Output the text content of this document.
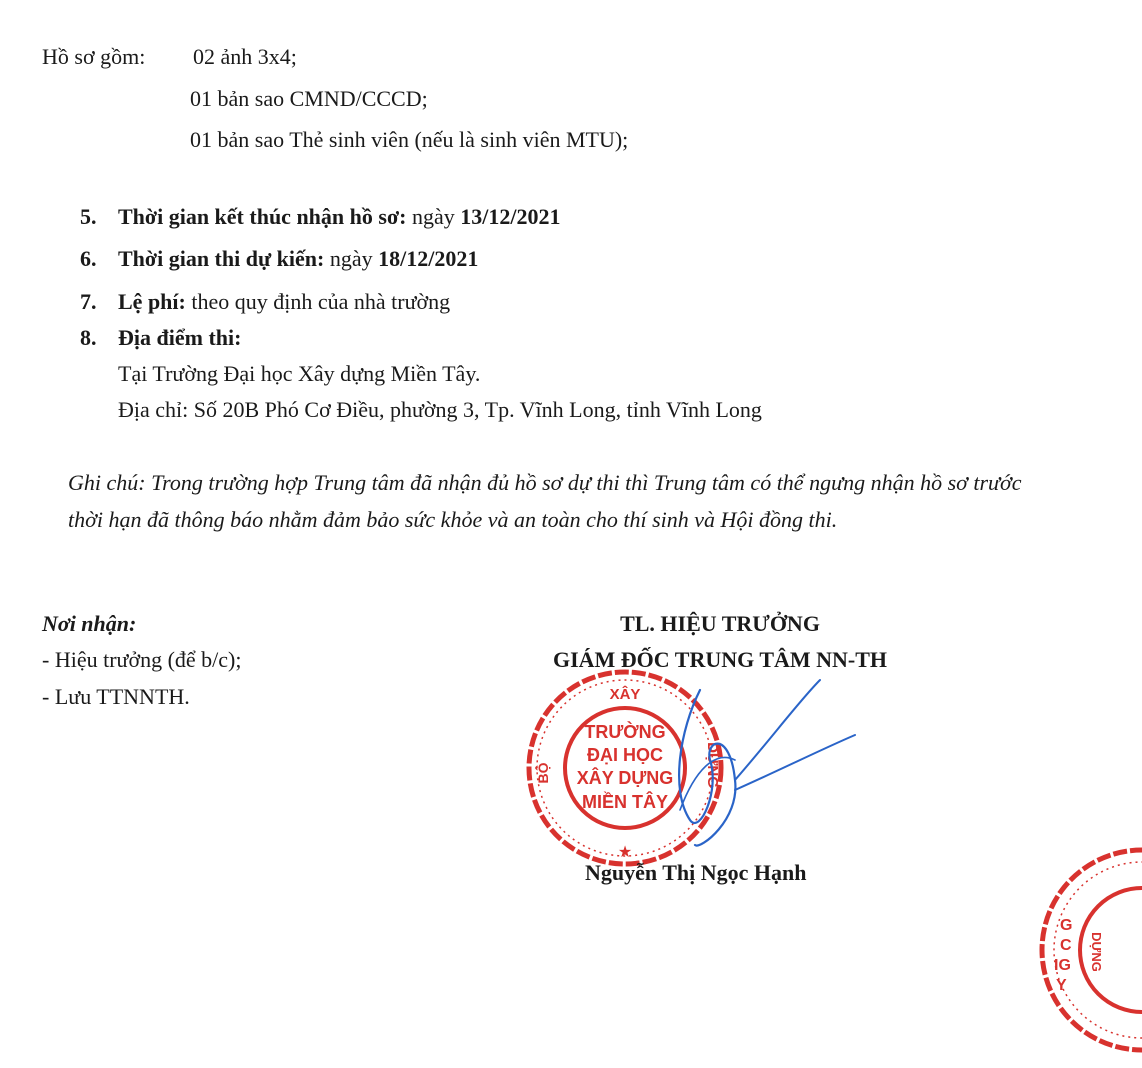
Hồ sơ gồm: 02 ảnh 3x4;
01 bản sao CMND/CCCD;
01 bản sao Thẻ sinh viên (nếu là sinh viên MTU);
5. Thời gian kết thúc nhận hồ sơ: ngày 13/12/2021
6. Thời gian thi dự kiến: ngày 18/12/2021
7. Lệ phí: theo quy định của nhà trường
8. Địa điểm thi:
Tại Trường Đại học Xây dựng Miền Tây.
Địa chỉ: Số 20B Phó Cơ Điều, phường 3, Tp. Vĩnh Long, tỉnh Vĩnh Long
Ghi chú: Trong trường hợp Trung tâm đã nhận đủ hồ sơ dự thi thì Trung tâm có thể ngưng nhận hồ sơ trước thời hạn đã thông báo nhằm đảm bảo sức khỏe và an toàn cho thí sinh và Hội đồng thi.
Nơi nhận:
- Hiệu trưởng (để b/c);
- Lưu TTNNTH.
TL. HIỆU TRƯỞNG
GIÁM ĐỐC TRUNG TÂM NN-TH
XÂY
DỰNG
BỘ
TRƯỜNG
ĐẠI HỌC
XÂY DỰNG
MIỀN TÂY
★
Nguyễn Thị Ngọc Hạnh
G
C
IG
Y
DỰNG
